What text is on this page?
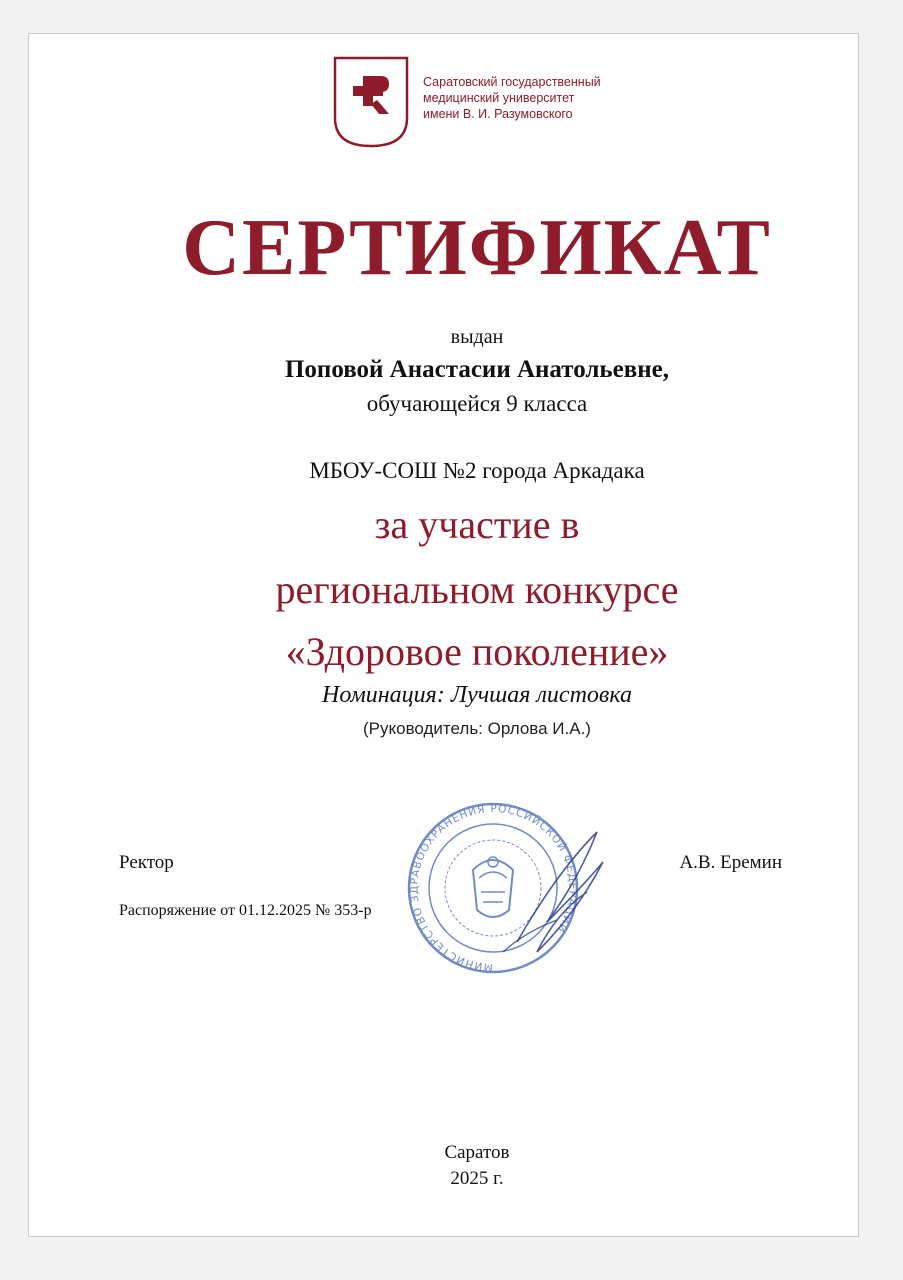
Саратовский государственный
медицинский университет
имени В. И. Разумовского
СЕРТИФИКАТ
выдан
Поповой Анастасии Анатольевне,
обучающейся 9 класса
МБОУ-СОШ №2 города Аркадака
за участие в
региональном конкурсе
«Здоровое поколение»
Номинация: Лучшая листовка
(Руководитель: Орлова И.А.)
Ректор	А.В. Еремин
Распоряжение от 01.12.2025 № 353-р
МИНИСТЕРСТВО ЗДРАВООХРАНЕНИЯ РОССИЙСКОЙ ФЕДЕРАЦИИ
Саратов
2025 г.
